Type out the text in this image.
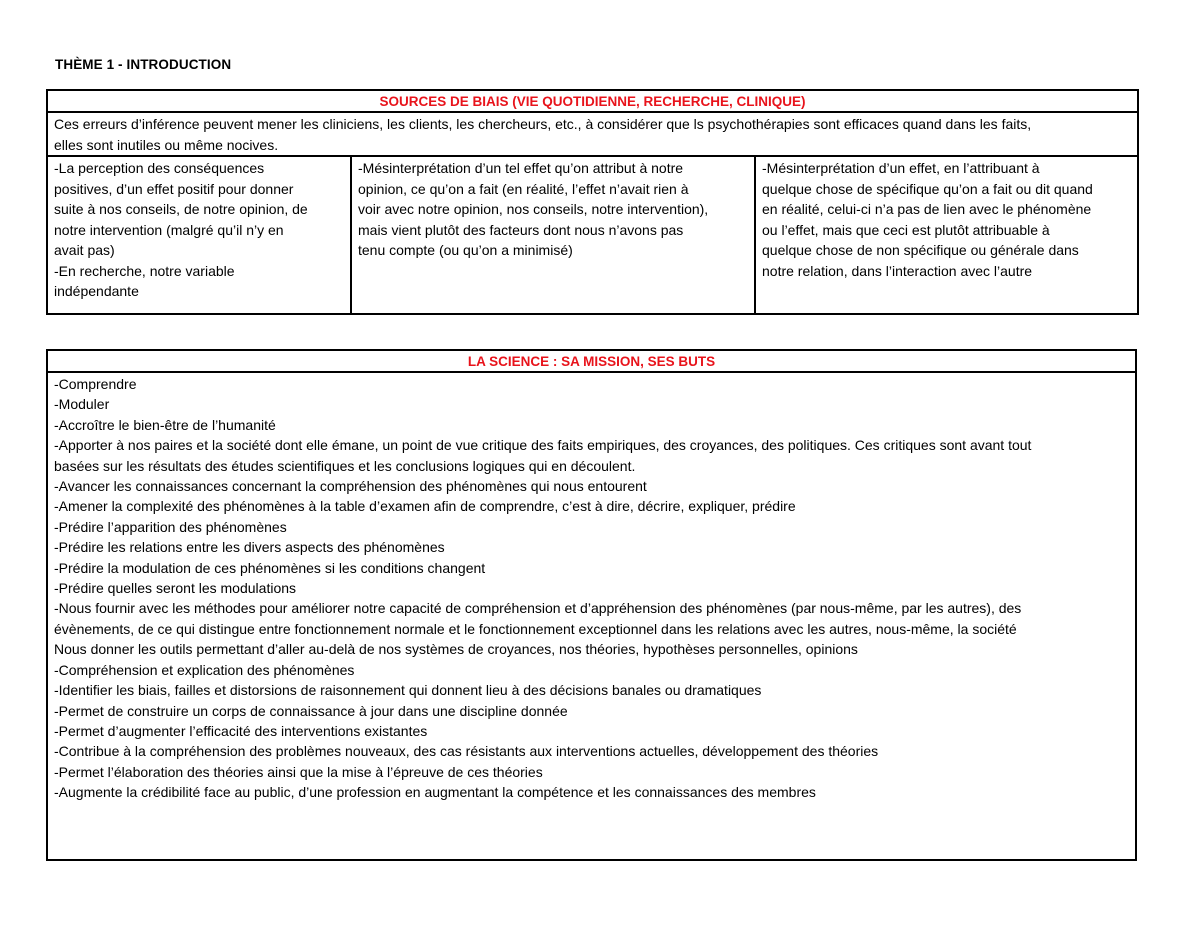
THÈME 1 - INTRODUCTION
SOURCES DE BIAIS (VIE QUOTIDIENNE, RECHERCHE, CLINIQUE)

Ces erreurs d’inférence peuvent mener les cliniciens, les clients, les chercheurs, etc., à considérer que ls psychothérapies sont efficaces quand dans les faits,
elles sont inutiles ou même nocives.

-La perception des conséquences
positives, d’un effet positif pour donner
suite à nos conseils, de notre opinion, de
notre intervention (malgré qu’il n’y en
avait pas)
-En recherche, notre variable
indépendante

-Mésinterprétation d’un tel effet qu’on attribut à notre
opinion, ce qu’on a fait (en réalité, l’effet n’avait rien à
voir avec notre opinion, nos conseils, notre intervention),
mais vient plutôt des facteurs dont nous n’avons pas
tenu compte (ou qu’on a minimisé)

-Mésinterprétation d’un effet, en l’attribuant à
quelque chose de spécifique qu’on a fait ou dit quand
en réalité, celui-ci n’a pas de lien avec le phénomène
ou l’effet, mais que ceci est plutôt attribuable à
quelque chose de non spécifique ou générale dans
notre relation, dans l’interaction avec l’autre
LA SCIENCE : SA MISSION, SES BUTS

-Comprendre
-Moduler
-Accroître le bien-être de l’humanité
-Apporter à nos paires et la société dont elle émane, un point de vue critique des faits empiriques, des croyances, des politiques. Ces critiques sont avant tout
basées sur les résultats des études scientifiques et les conclusions logiques qui en découlent.
-Avancer les connaissances concernant la compréhension des phénomènes qui nous entourent
-Amener la complexité des phénomènes à la table d’examen afin de comprendre, c’est à dire, décrire, expliquer, prédire
-Prédire l’apparition des phénomènes
-Prédire les relations entre les divers aspects des phénomènes
-Prédire la modulation de ces phénomènes si les conditions changent
-Prédire quelles seront les modulations
-Nous fournir avec les méthodes pour améliorer notre capacité de compréhension et d’appréhension des phénomènes (par nous-même, par les autres), des
évènements, de ce qui distingue entre fonctionnement normale et le fonctionnement exceptionnel dans les relations avec les autres, nous-même, la société
Nous donner les outils permettant d’aller au-delà de nos systèmes de croyances, nos théories, hypothèses personnelles, opinions
-Compréhension et explication des phénomènes
-Identifier les biais, failles et distorsions de raisonnement qui donnent lieu à des décisions banales ou dramatiques
-Permet de construire un corps de connaissance à jour dans une discipline donnée
-Permet d’augmenter l’efficacité des interventions existantes
-Contribue à la compréhension des problèmes nouveaux, des cas résistants aux interventions actuelles, développement des théories
-Permet l’élaboration des théories ainsi que la mise à l’épreuve de ces théories
-Augmente la crédibilité face au public, d’une profession en augmentant la compétence et les connaissances des membres
